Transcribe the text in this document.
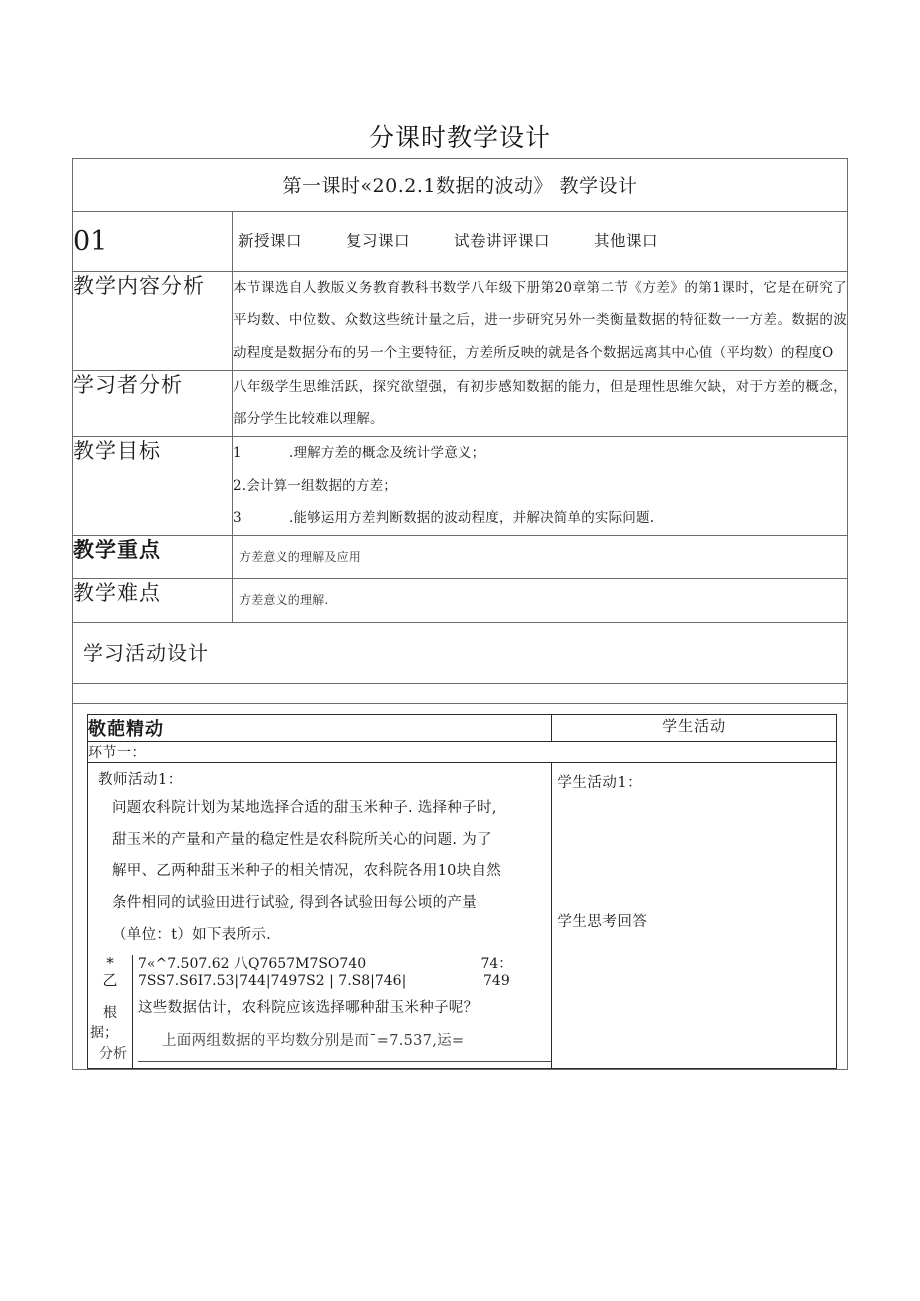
分课时教学设计
第一课时«20.2.1数据的波动》 教学设计
01	新授课口	复习课口	试卷讲评课口	其他课口
教学内容分析	本节课选自人教版义务教育教科书数学八年级下册第20章第二节《方差》的第1课时，它是在研究了平均数、中位数、众数这些统计量之后，进一步研究另外一类衡量数据的特征数一一方差。数据的波动程度是数据分布的另一个主要特征，方差所反映的就是各个数据远离其中心值（平均数）的程度O
学习者分析	八年级学生思维活跃，探究欲望强，有初步感知数据的能力，但是理性思维欠缺，对于方差的概念，部分学生比较难以理解。
教学目标	1	.理解方差的概念及统计学意义；
2.会计算一组数据的方差；
3	.能够运用方差判断数据的波动程度，并解决简单的实际问题.

教学重点	方差意义的理解及应用
教学难点	方差意义的理解.
学习活动设计

敬葩精动	学生活动
环节一：

教师活动1：
问题农科院计划为某地选择合适的甜玉米种子. 选择种子时,
甜玉米的产量和产量的稳定性是农科院所关心的问题. 为了
解甲、乙两种甜玉米种子的相关情况，农科院各用10块自然
条件相同的试验田进行试验, 得到各试验田每公顷的产量
（单位：t）如下表所示.
*	7«^7.507.62 八Q7657M7SO740	74：
乙	7SS7.S6I7.53|744|7497S2 | 7.S8|746|	749
根
据；
分析
这些数据估计，农科院应该选择哪种甜玉米种子呢？
上面两组数据的平均数分别是而ˉ=7.537,运=

学生活动1：
学生思考回答
